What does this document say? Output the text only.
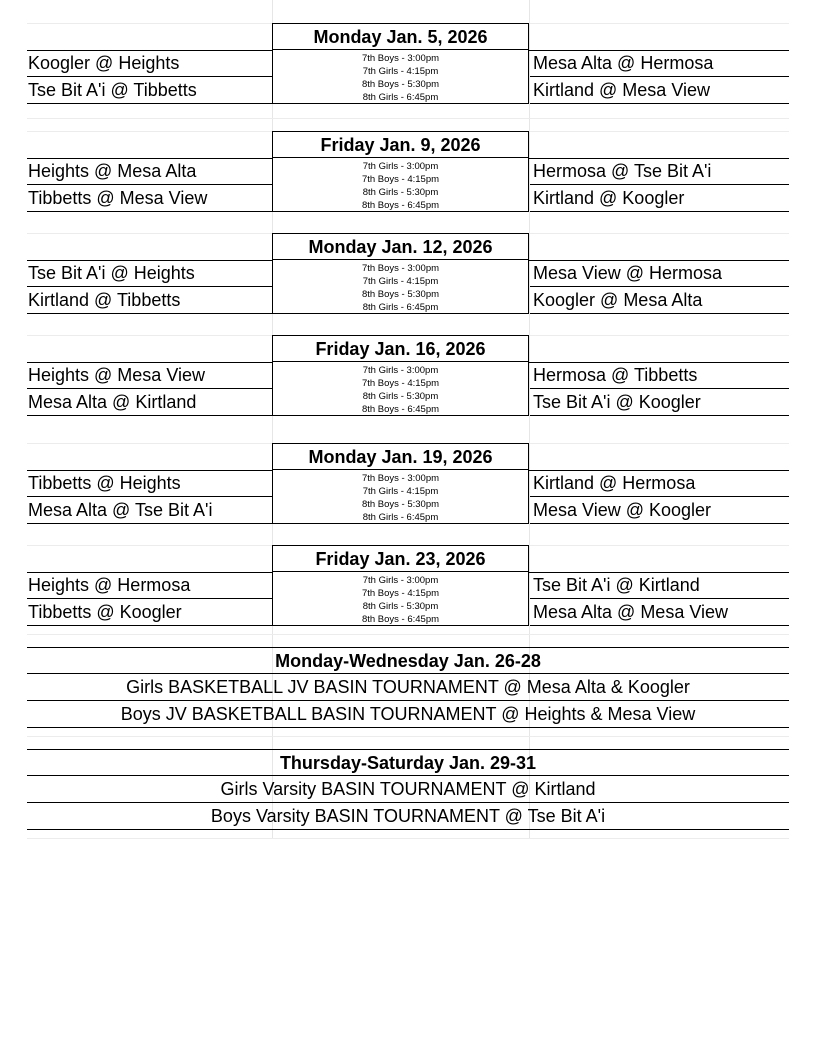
Monday Jan. 5, 2026
Koogler @ Heights
Tse Bit A'i @ Tibbetts
7th Boys - 3:00pm
7th Girls - 4:15pm
8th Boys - 5:30pm
8th Girls - 6:45pm
Mesa Alta @ Hermosa
Kirtland @ Mesa View
Friday Jan. 9, 2026
Heights @ Mesa Alta
Tibbetts @ Mesa View
7th Girls - 3:00pm
7th Boys - 4:15pm
8th Girls - 5:30pm
8th Boys - 6:45pm
Hermosa @ Tse Bit A'i
Kirtland @ Koogler
Monday Jan. 12, 2026
Tse Bit A'i @ Heights
Kirtland @ Tibbetts
7th Boys - 3:00pm
7th Girls - 4:15pm
8th Boys - 5:30pm
8th Girls - 6:45pm
Mesa View @ Hermosa
Koogler @ Mesa Alta
Friday Jan. 16, 2026
Heights @ Mesa View
Mesa Alta @ Kirtland
7th Girls - 3:00pm
7th Boys - 4:15pm
8th Girls - 5:30pm
8th Boys - 6:45pm
Hermosa @ Tibbetts
Tse Bit A'i @ Koogler
Monday Jan. 19, 2026
Tibbetts @ Heights
Mesa Alta @ Tse Bit A'i
7th Boys - 3:00pm
7th Girls - 4:15pm
8th Boys - 5:30pm
8th Girls - 6:45pm
Kirtland @ Hermosa
Mesa View @ Koogler
Friday Jan. 23, 2026
Heights @ Hermosa
Tibbetts @ Koogler
7th Girls - 3:00pm
7th Boys - 4:15pm
8th Girls - 5:30pm
8th Boys - 6:45pm
Tse Bit A'i @ Kirtland
Mesa Alta @ Mesa View
Monday-Wednesday Jan. 26-28
Girls BASKETBALL JV BASIN TOURNAMENT @ Mesa Alta & Koogler
Boys JV BASKETBALL BASIN TOURNAMENT @ Heights & Mesa View
Thursday-Saturday Jan. 29-31
Girls Varsity BASIN TOURNAMENT @ Kirtland
Boys Varsity BASIN TOURNAMENT @ Tse Bit A'i
